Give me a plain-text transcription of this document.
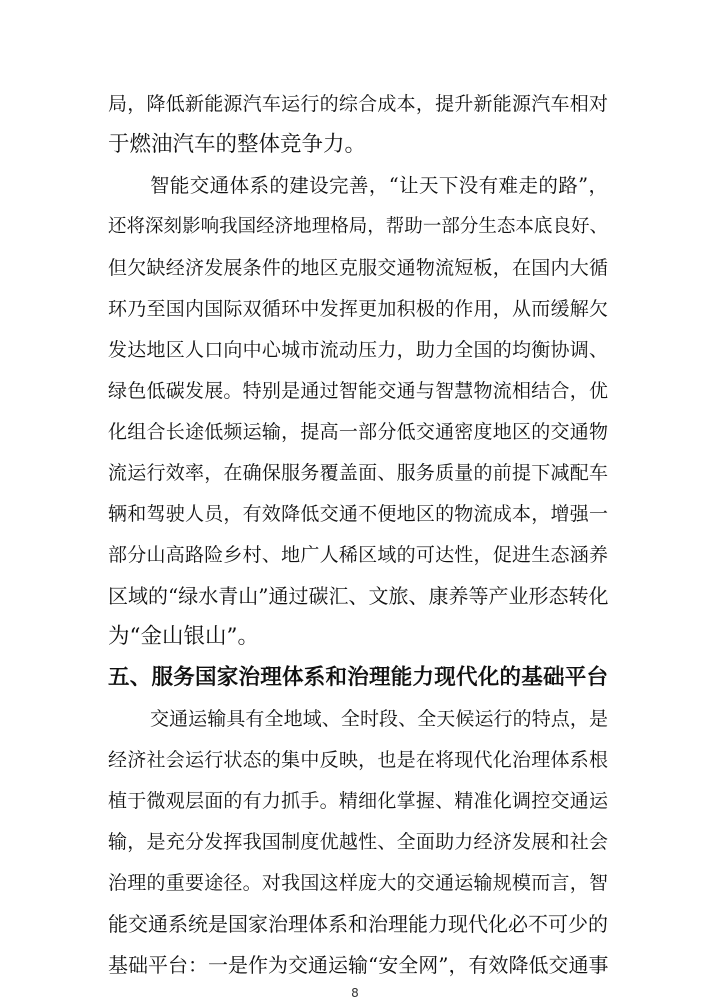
局，降低新能源汽车运行的综合成本，提升新能源汽车相对
于燃油汽车的整体竞争力。
智能交通体系的建设完善，“让天下没有难走的路”，
还将深刻影响我国经济地理格局，帮助一部分生态本底良好、
但欠缺经济发展条件的地区克服交通物流短板，在国内大循
环乃至国内国际双循环中发挥更加积极的作用，从而缓解欠
发达地区人口向中心城市流动压力，助力全国的均衡协调、
绿色低碳发展。特别是通过智能交通与智慧物流相结合，优
化组合长途低频运输，提高一部分低交通密度地区的交通物
流运行效率，在确保服务覆盖面、服务质量的前提下减配车
辆和驾驶人员，有效降低交通不便地区的物流成本，增强一
部分山高路险乡村、地广人稀区域的可达性，促进生态涵养
区域的“绿水青山”通过碳汇、文旅、康养等产业形态转化
为“金山银山”。
五、服务国家治理体系和治理能力现代化的基础平台
交通运输具有全地域、全时段、全天候运行的特点，是
经济社会运行状态的集中反映，也是在将现代化治理体系根
植于微观层面的有力抓手。精细化掌握、精准化调控交通运
输，是充分发挥我国制度优越性、全面助力经济发展和社会
治理的重要途径。对我国这样庞大的交通运输规模而言，智
能交通系统是国家治理体系和治理能力现代化必不可少的
基础平台：一是作为交通运输“安全网”，有效降低交通事
8
